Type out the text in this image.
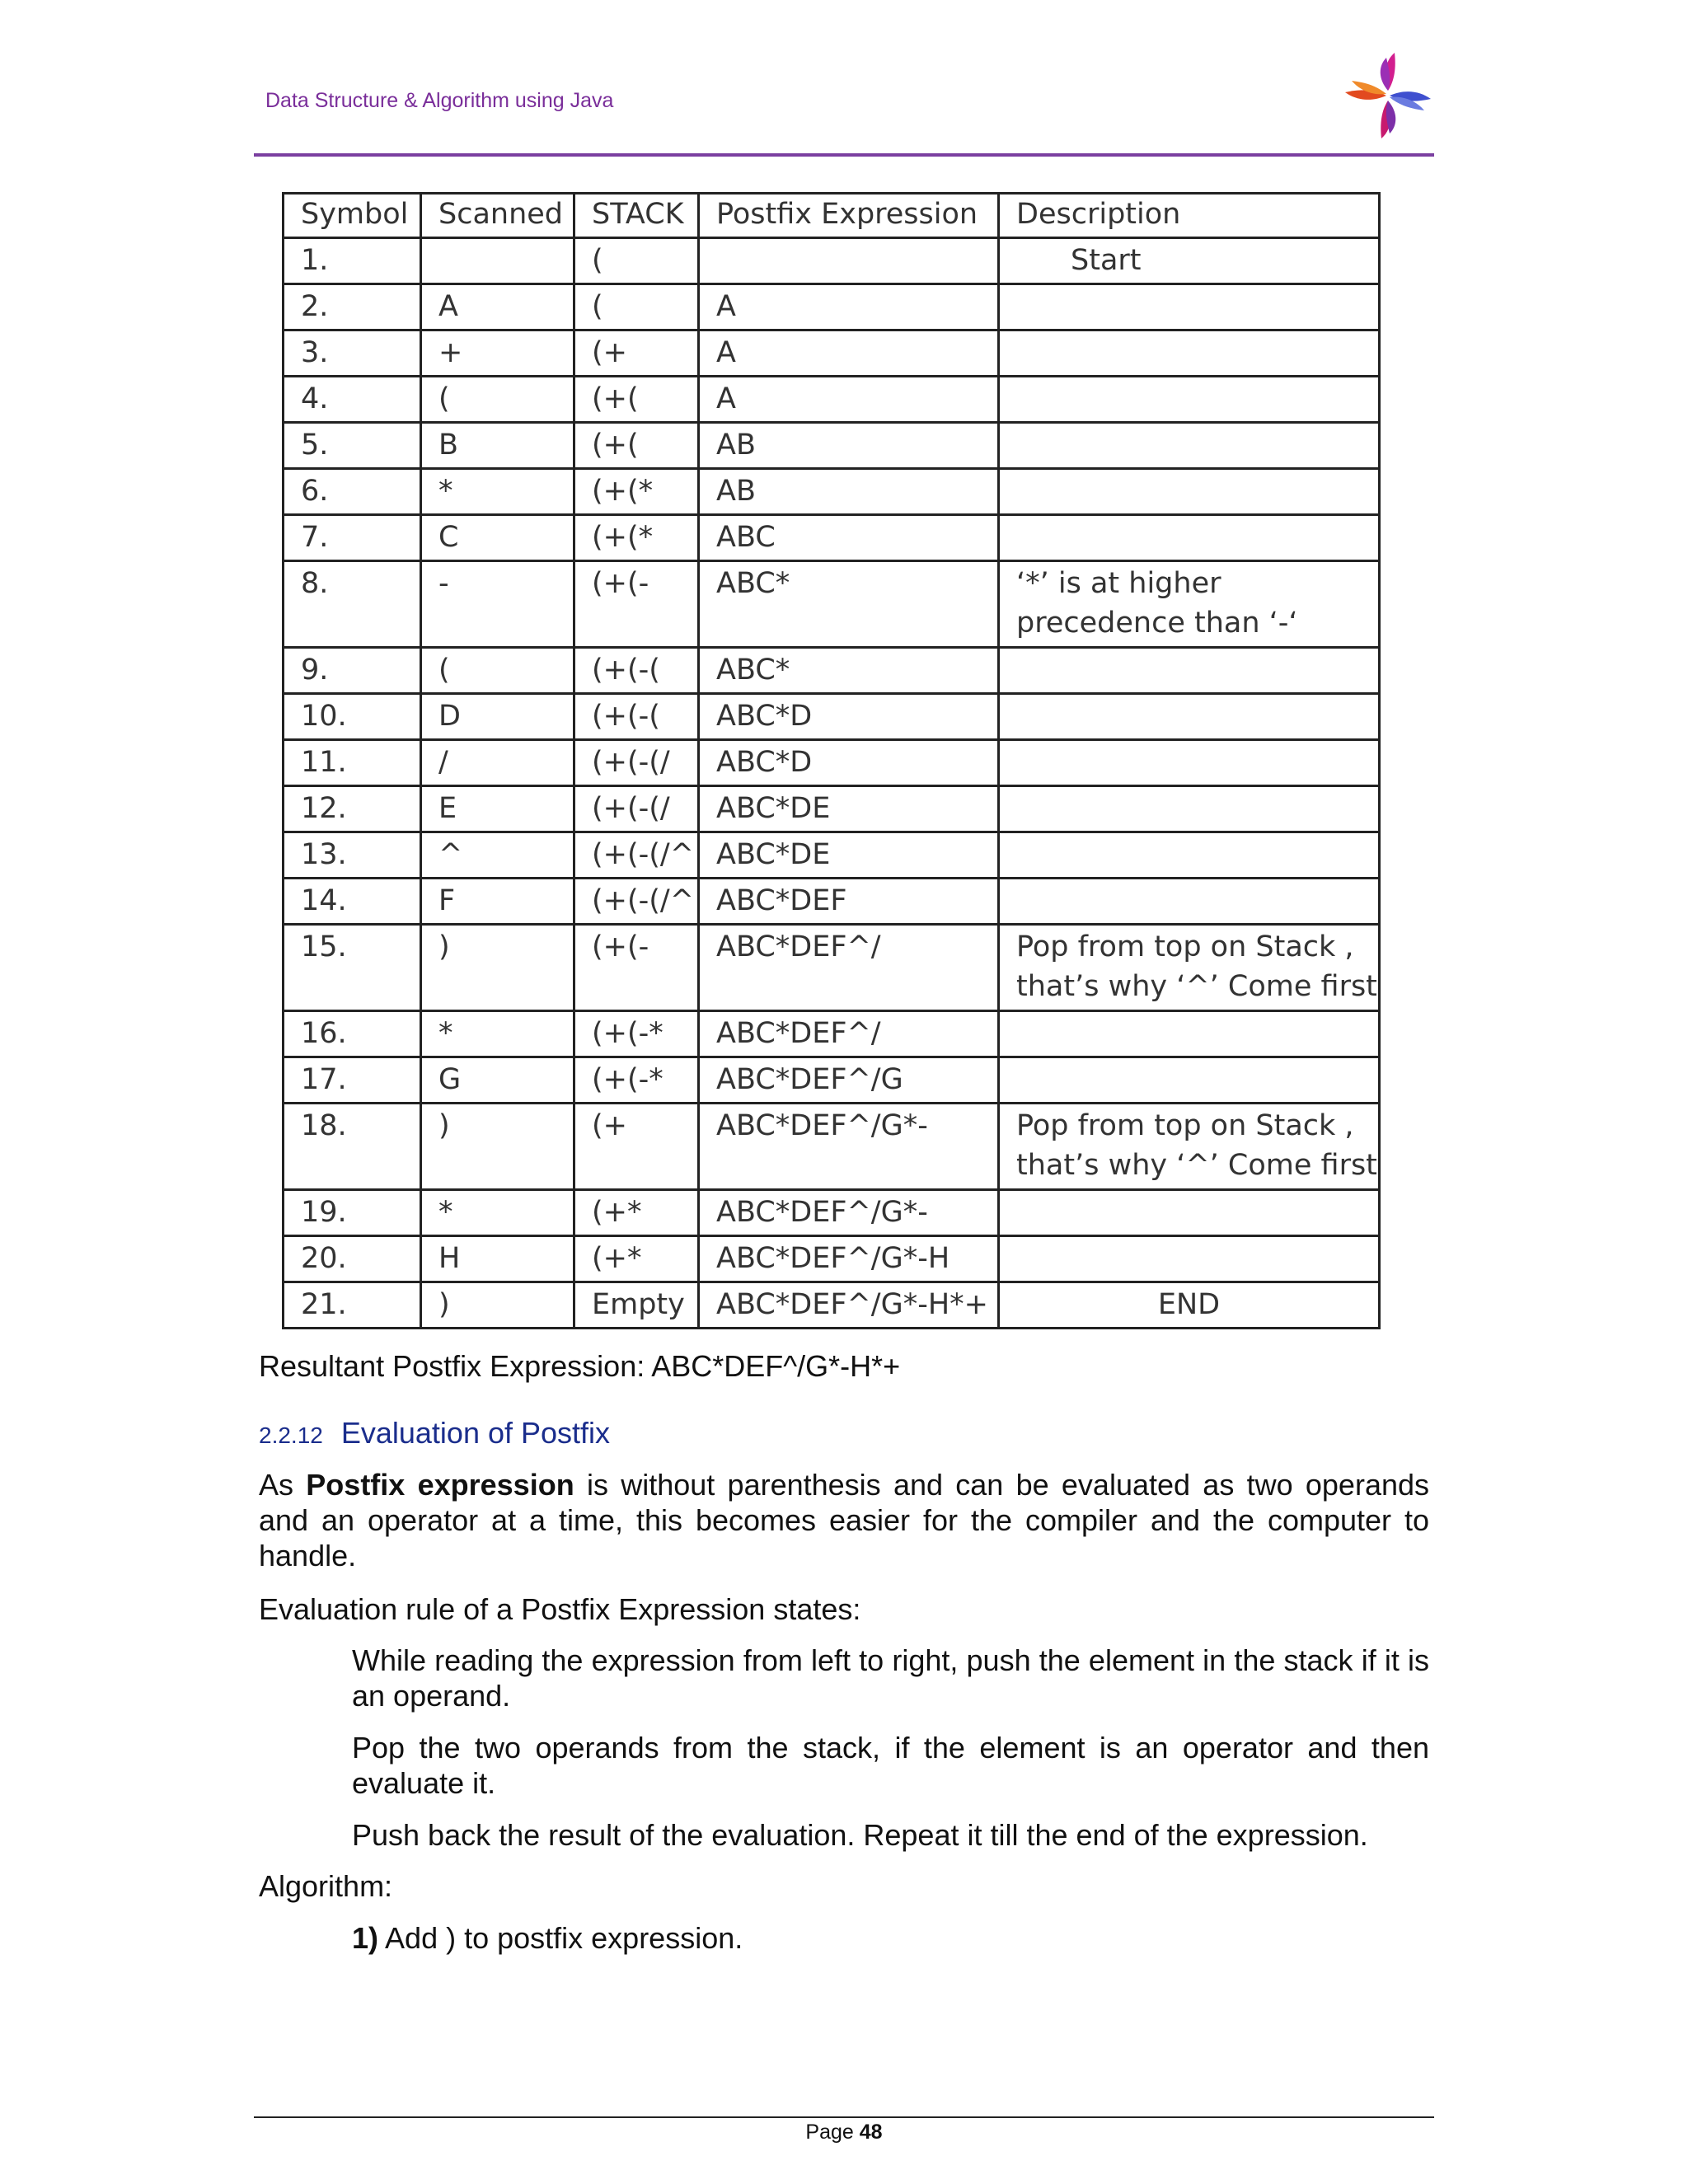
Data Structure & Algorithm using Java
Symbol	Scanned	STACK	Postfix Expression	Description
1.		(		Start
2.	A	(	A	
3.	+	(+	A	
4.	(	(+(	A	
5.	B	(+(	AB	
6.	*	(+(*	AB	
7.	C	(+(*	ABC	
8.	-	(+(-	ABC*	‘*’ is at higher precedence than ‘-‘
9.	(	(+(-(	ABC*	
10.	D	(+(-(	ABC*D	
11.	/	(+(-(/	ABC*D	
12.	E	(+(-(/	ABC*DE	
13.	^	(+(-(/^	ABC*DE	
14.	F	(+(-(/^	ABC*DEF	
15.	)	(+(-	ABC*DEF^/	Pop from top on Stack , that’s why ‘^’ Come first
16.	*	(+(-*	ABC*DEF^/	
17.	G	(+(-*	ABC*DEF^/G	
18.	)	(+	ABC*DEF^/G*-	Pop from top on Stack , that’s why ‘^’ Come first
19.	*	(+*	ABC*DEF^/G*-	
20.	H	(+*	ABC*DEF^/G*-H	
21.	)	Empty	ABC*DEF^/G*-H*+	END
Resultant Postfix Expression: ABC*DEF^/G*-H*+
2.2.12 Evaluation of Postfix
As Postfix expression is without parenthesis and can be evaluated as two operands and an operator at a time, this becomes easier for the compiler and the computer to handle.
Evaluation rule of a Postfix Expression states:
While reading the expression from left to right, push the element in the stack if it is an operand.
Pop the two operands from the stack, if the element is an operator and then evaluate it.
Push back the result of the evaluation. Repeat it till the end of the expression.
Algorithm:
1) Add ) to postfix expression.
Page 48
